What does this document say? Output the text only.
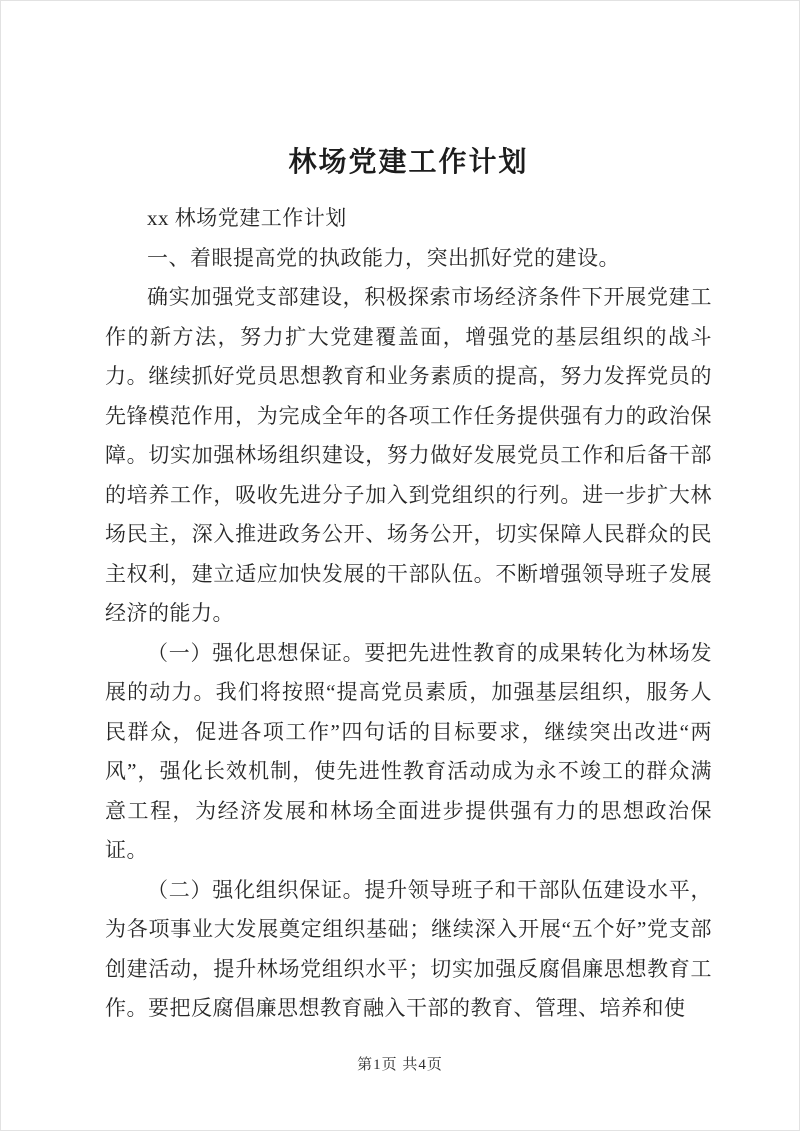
林场党建工作计划

xx 林场党建工作计划

一、着眼提高党的执政能力，突出抓好党的建设。

确实加强党支部建设，积极探索市场经济条件下开展党建工作的新方法，努力扩大党建覆盖面，增强党的基层组织的战斗力。继续抓好党员思想教育和业务素质的提高，努力发挥党员的先锋模范作用，为完成全年的各项工作任务提供强有力的政治保障。切实加强林场组织建设，努力做好发展党员工作和后备干部的培养工作，吸收先进分子加入到党组织的行列。进一步扩大林场民主，深入推进政务公开、场务公开，切实保障人民群众的民主权利，建立适应加快发展的干部队伍。不断增强领导班子发展经济的能力。

（一）强化思想保证。要把先进性教育的成果转化为林场发展的动力。我们将按照“提高党员素质，加强基层组织，服务人民群众，促进各项工作”四句话的目标要求，继续突出改进“两风”，强化长效机制，使先进性教育活动成为永不竣工的群众满意工程，为经济发展和林场全面进步提供强有力的思想政治保证。

（二）强化组织保证。提升领导班子和干部队伍建设水平，为各项事业大发展奠定组织基础；继续深入开展“五个好”党支部创建活动，提升林场党组织水平；切实加强反腐倡廉思想教育工作。要把反腐倡廉思想教育融入干部的教育、管理、培养和使

第1页 共4页
